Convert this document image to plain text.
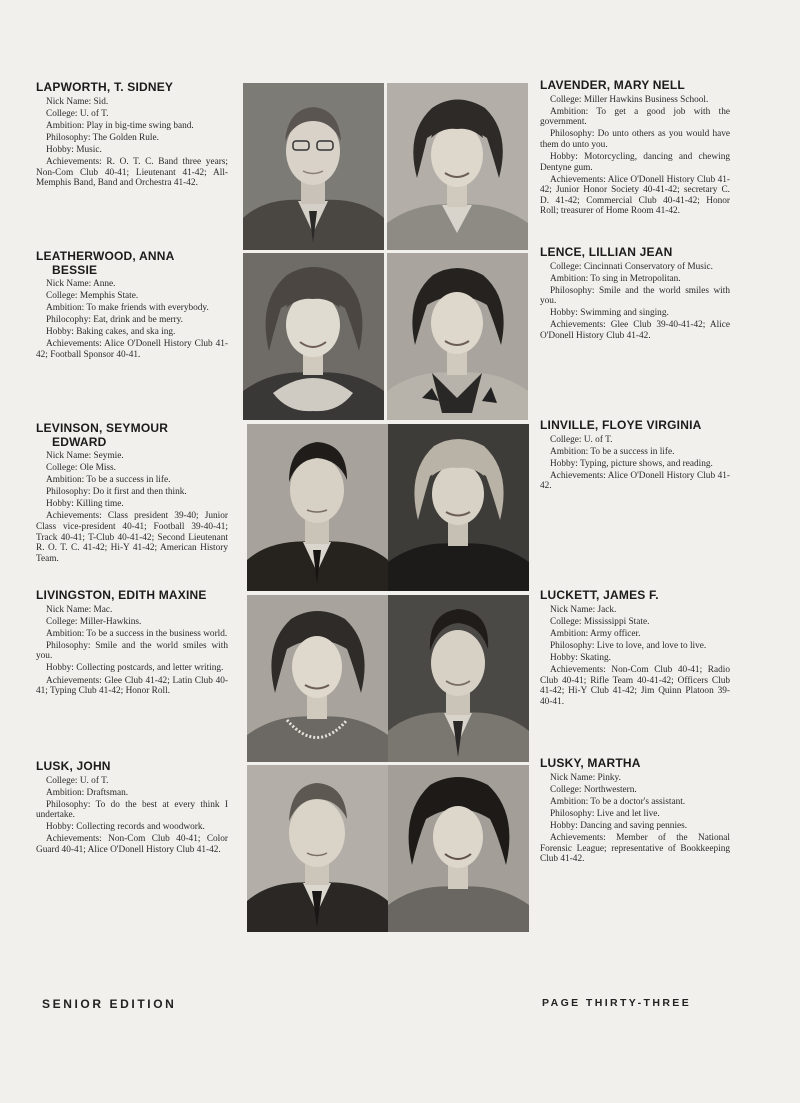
LAPWORTH, T. SIDNEY

Nick Name: Sid.

College: U. of T.

Ambition: Play in big-time swing band.

Philosophy: The Golden Rule.

Hobby: Music.

Achievements: R. O. T. C. Band three years; Non-Com Club 40-41; Lieutenant 41-42; All-Memphis Band, Band and Orchestra 41-42.

LAVENDER, MARY NELL

College: Miller Hawkins Business School.

Ambition: To get a good job with the government.

Philosophy: Do unto others as you would have them do unto you.

Hobby: Motorcycling, dancing and chewing Dentyne gum.

Achievements: Alice O'Donell History Club 41-42; Junior Honor Society 40-41-42; secretary C. D. 41-42; Commercial Club 40-41-42; Honor Roll; treasurer of Home Room 41-42.

LEATHERWOOD, ANNA
BESSIE

Nick Name: Anne.

College: Memphis State.

Ambition: To make friends with everybody.

Philocophy: Eat, drink and be merry.

Hobby: Baking cakes, and ska ing.

Achievements: Alice O'Donell History Club 41-42; Football Sponsor 40-41.

LENCE, LILLIAN JEAN

College: Cincinnati Conservatory of Music.

Ambition: To sing in Metropolitan.

Philosophy: Smile and the world smiles with you.

Hobby: Swimming and singing.

Achievements: Glee Club 39-40-41-42; Alice O'Donell History Club 41-42.

LEVINSON, SEYMOUR
EDWARD

Nick Name: Seymie.

College: Ole Miss.

Ambition: To be a success in life.

Philosophy: Do it first and then think.

Hobby: Killing time.

Achievements: Class president 39-40; Junior Class vice-president 40-41; Football 39-40-41; Track 40-41; T-Club 40-41-42; Second Lieutenant R. O. T. C. 41-42; Hi-Y 41-42; American History Team.

LINVILLE, FLOYE VIRGINIA

College: U. of T.

Ambition: To be a success in life.

Hobby: Typing, picture shows, and reading.

Achievements: Alice O'Donell History Club 41-42.

LIVINGSTON, EDITH MAXINE

Nick Name: Mac.

College: Miller-Hawkins.

Ambition: To be a success in the business world.

Philosophy: Smile and the world smiles with you.

Hobby: Collecting postcards, and letter writing.

Achievements: Glee Club 41-42; Latin Club 40-41; Typing Club 41-42; Honor Roll.

LUCKETT, JAMES F.

Nick Name: Jack.

College: Mississippi State.

Ambition: Army officer.

Philosophy: Live to love, and love to live.

Hobby: Skating.

Achievements: Non-Com Club 40-41; Radio Club 40-41; Rifle Team 40-41-42; Officers Club 41-42; Hi-Y Club 41-42; Jim Quinn Platoon 39-40-41.

LUSK, JOHN

College: U. of T.

Ambition: Draftsman.

Philosophy: To do the best at every think I undertake.

Hobby: Collecting records and woodwork.

Achievements: Non-Com Club 40-41; Color Guard 40-41; Alice O'Donell History Club 41-42.

LUSKY, MARTHA

Nick Name: Pinky.

College: Northwestern.

Ambition: To be a doctor's assistant.

Philosophy: Live and let live.

Hobby: Dancing and saving pennies.

Achievements: Member of the National Forensic League; representative of Bookkeeping Club 41-42.

SENIOR EDITION	PAGE THIRTY-THREE
